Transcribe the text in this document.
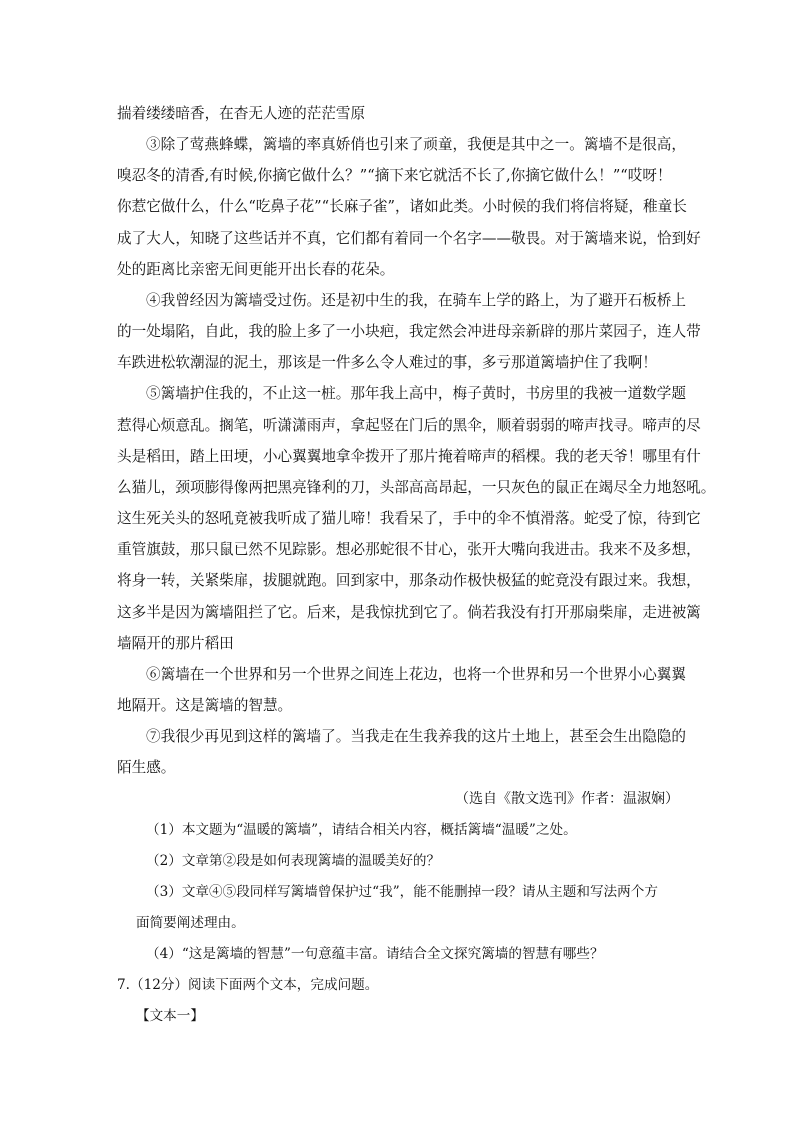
揣着缕缕暗香，在杳无人迹的茫茫雪原
③除了莺燕蜂蝶，篱墙的率真娇俏也引来了顽童，我便是其中之一。篱墙不是很高，
嗅忍冬的清香,有时候,你摘它做什么？”“摘下来它就活不长了,你摘它做什么！”“哎呀！
你惹它做什么，什么“吃鼻子花”“长麻子雀”，诸如此类。小时候的我们将信将疑，稚童长
成了大人，知晓了这些话并不真，它们都有着同一个名字——敬畏。对于篱墙来说，恰到好
处的距离比亲密无间更能开出长春的花朵。
④我曾经因为篱墙受过伤。还是初中生的我，在骑车上学的路上，为了避开石板桥上
的一处塌陷，自此，我的脸上多了一小块疤，我定然会冲进母亲新辟的那片菜园子，连人带
车跌进松软潮湿的泥土，那该是一件多么令人难过的事，多亏那道篱墙护住了我啊！
⑤篱墙护住我的，不止这一桩。那年我上高中，梅子黄时，书房里的我被一道数学题
惹得心烦意乱。搁笔，听潇潇雨声，拿起竖在门后的黑伞，顺着弱弱的啼声找寻。啼声的尽
头是稻田，踏上田埂，小心翼翼地拿伞拨开了那片掩着啼声的稻棵。我的老天爷！哪里有什
么猫儿，颈项膨得像两把黑亮锋利的刀，头部高高昂起，一只灰色的鼠正在竭尽全力地怒吼。
这生死关头的怒吼竟被我听成了猫儿啼！我看呆了，手中的伞不慎滑落。蛇受了惊，待到它
重管旗鼓，那只鼠已然不见踪影。想必那蛇很不甘心，张开大嘴向我进击。我来不及多想，
将身一转，关紧柴扉，拔腿就跑。回到家中，那条动作极快极猛的蛇竟没有跟过来。我想，
这多半是因为篱墙阻拦了它。后来，是我惊扰到它了。倘若我没有打开那扇柴扉，走进被篱
墙隔开的那片稻田
⑥篱墙在一个世界和另一个世界之间连上花边，也将一个世界和另一个世界小心翼翼
地隔开。这是篱墙的智慧。
⑦我很少再见到这样的篱墙了。当我走在生我养我的这片土地上，甚至会生出隐隐的
陌生感。
（选自《散文选刊》作者：温淑娴）
（1）本文题为“温暖的篱墙”，请结合相关内容，概括篱墙“温暖”之处。
（2）文章第②段是如何表现篱墙的温暖美好的？
（3）文章④⑤段同样写篱墙曾保护过“我”，能不能删掉一段？请从主题和写法两个方
面简要阐述理由。
（4）“这是篱墙的智慧”一句意蕴丰富。请结合全文探究篱墙的智慧有哪些？
7.（12分）阅读下面两个文本，完成问题。
【文本一】
